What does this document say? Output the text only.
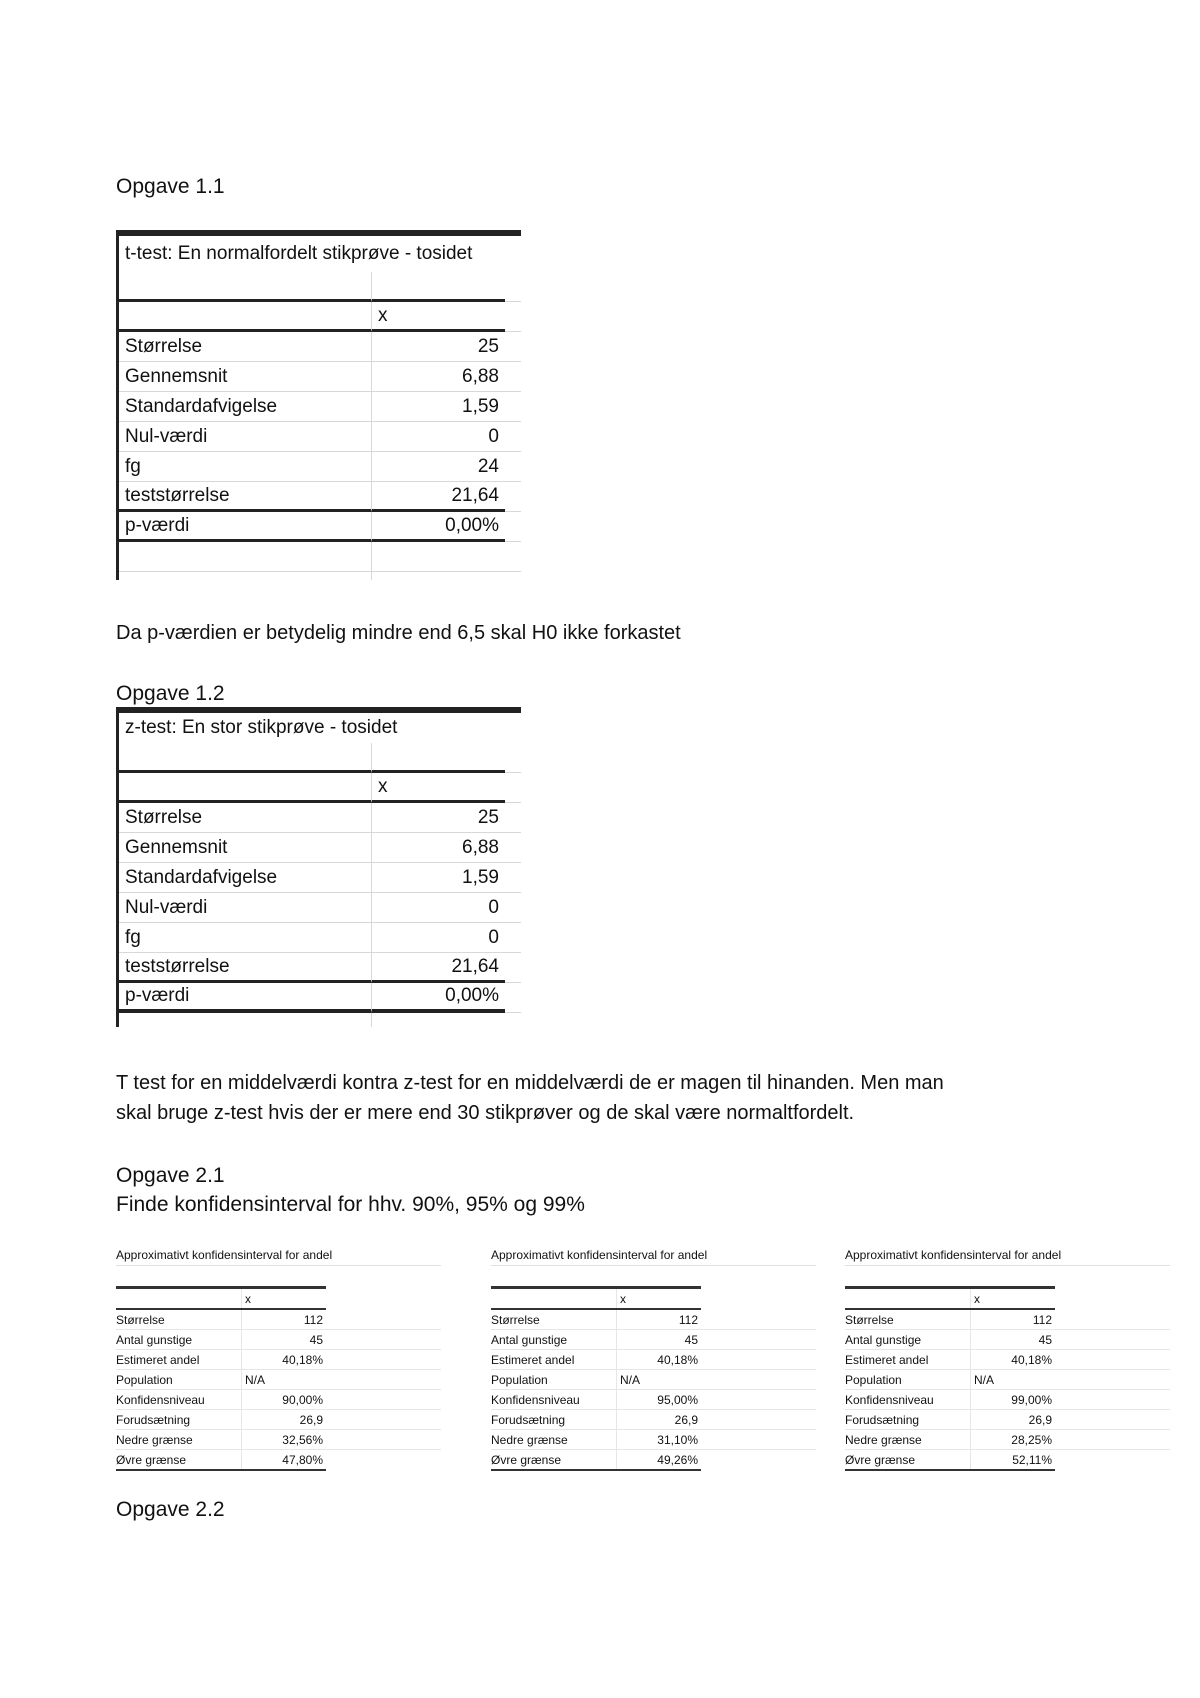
Opgave 1.1
t-test: En normalfordelt stikprøve - tosidet
x
Størrelse	25
Gennemsnit	6,88
Standardafvigelse	1,59
Nul-værdi	0
fg	24
teststørrelse	21,64
p-værdi	0,00%
Da p-værdien er betydelig mindre end 6,5 skal H0 ikke forkastet
Opgave 1.2
z-test: En stor stikprøve - tosidet
x
Størrelse	25
Gennemsnit	6,88
Standardafvigelse	1,59
Nul-værdi	0
fg	0
teststørrelse	21,64
p-værdi	0,00%
T test for en middelværdi kontra z-test for en middelværdi de er magen til hinanden. Men man
skal bruge z-test hvis der er mere end 30 stikprøver og de skal være normaltfordelt.
Opgave 2.1
Finde konfidensinterval for hhv. 90%, 95% og 99%
Approximativt konfidensinterval for andel
x
Størrelse	112
Antal gunstige	45
Estimeret andel	40,18%
Population	N/A
Konfidensniveau	90,00%
Forudsætning	26,9
Nedre grænse	32,56%
Øvre grænse	47,80%
Approximativt konfidensinterval for andel
x
Størrelse	112
Antal gunstige	45
Estimeret andel	40,18%
Population	N/A
Konfidensniveau	95,00%
Forudsætning	26,9
Nedre grænse	31,10%
Øvre grænse	49,26%
Approximativt konfidensinterval for andel
x
Størrelse	112
Antal gunstige	45
Estimeret andel	40,18%
Population	N/A
Konfidensniveau	99,00%
Forudsætning	26,9
Nedre grænse	28,25%
Øvre grænse	52,11%
Opgave 2.2
